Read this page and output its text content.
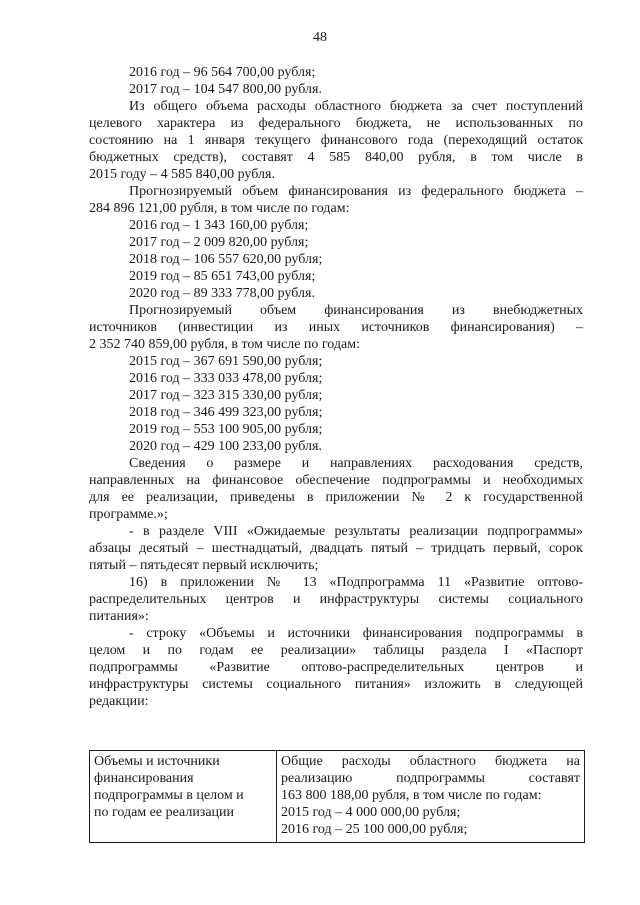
48
2016 год – 96 564 700,00 рубля;
2017 год – 104 547 800,00 рубля.
Из общего объема расходы областного бюджета за счет поступлений
целевого характера из федерального бюджета, не использованных по
состоянию на 1 января текущего финансового года (переходящий остаток
бюджетных средств), составят 4 585 840,00 рубля, в том числе в
2015 году – 4 585 840,00 рубля.
Прогнозируемый объем финансирования из федерального бюджета –
284 896 121,00 рубля, в том числе по годам:
2016 год – 1 343 160,00 рубля;
2017 год – 2 009 820,00 рубля;
2018 год – 106 557 620,00 рубля;
2019 год – 85 651 743,00 рубля;
2020 год – 89 333 778,00 рубля.
Прогнозируемый объем финансирования из внебюджетных
источников (инвестиции из иных источников финансирования) –
2 352 740 859,00 рубля, в том числе по годам:
2015 год – 367 691 590,00 рубля;
2016 год – 333 033 478,00 рубля;
2017 год – 323 315 330,00 рубля;
2018 год – 346 499 323,00 рубля;
2019 год – 553 100 905,00 рубля;
2020 год – 429 100 233,00 рубля.
Сведения о размере и направлениях расходования средств,
направленных на финансовое обеспечение подпрограммы и необходимых
для ее реализации, приведены в приложении № 2 к государственной
программе.»;
- в разделе VIII «Ожидаемые результаты реализации подпрограммы»
абзацы десятый – шестнадцатый, двадцать пятый – тридцать первый, сорок
пятый – пятьдесят первый исключить;
16) в приложении № 13 «Подпрограмма 11 «Развитие оптово-
распределительных центров и инфраструктуры системы социального
питания»:
- строку «Объемы и источники финансирования подпрограммы в
целом и по годам ее реализации» таблицы раздела I «Паспорт
подпрограммы «Развитие оптово-распределительных центров и
инфраструктуры системы социального питания» изложить в следующей
редакции:
Объемы и источники
финансирования
подпрограммы в целом и
по годам ее реализации

Общие расходы областного бюджета на
реализацию подпрограммы составят
163 800 188,00 рубля, в том числе по годам:
2015 год – 4 000 000,00 рубля;
2016 год – 25 100 000,00 рубля;
